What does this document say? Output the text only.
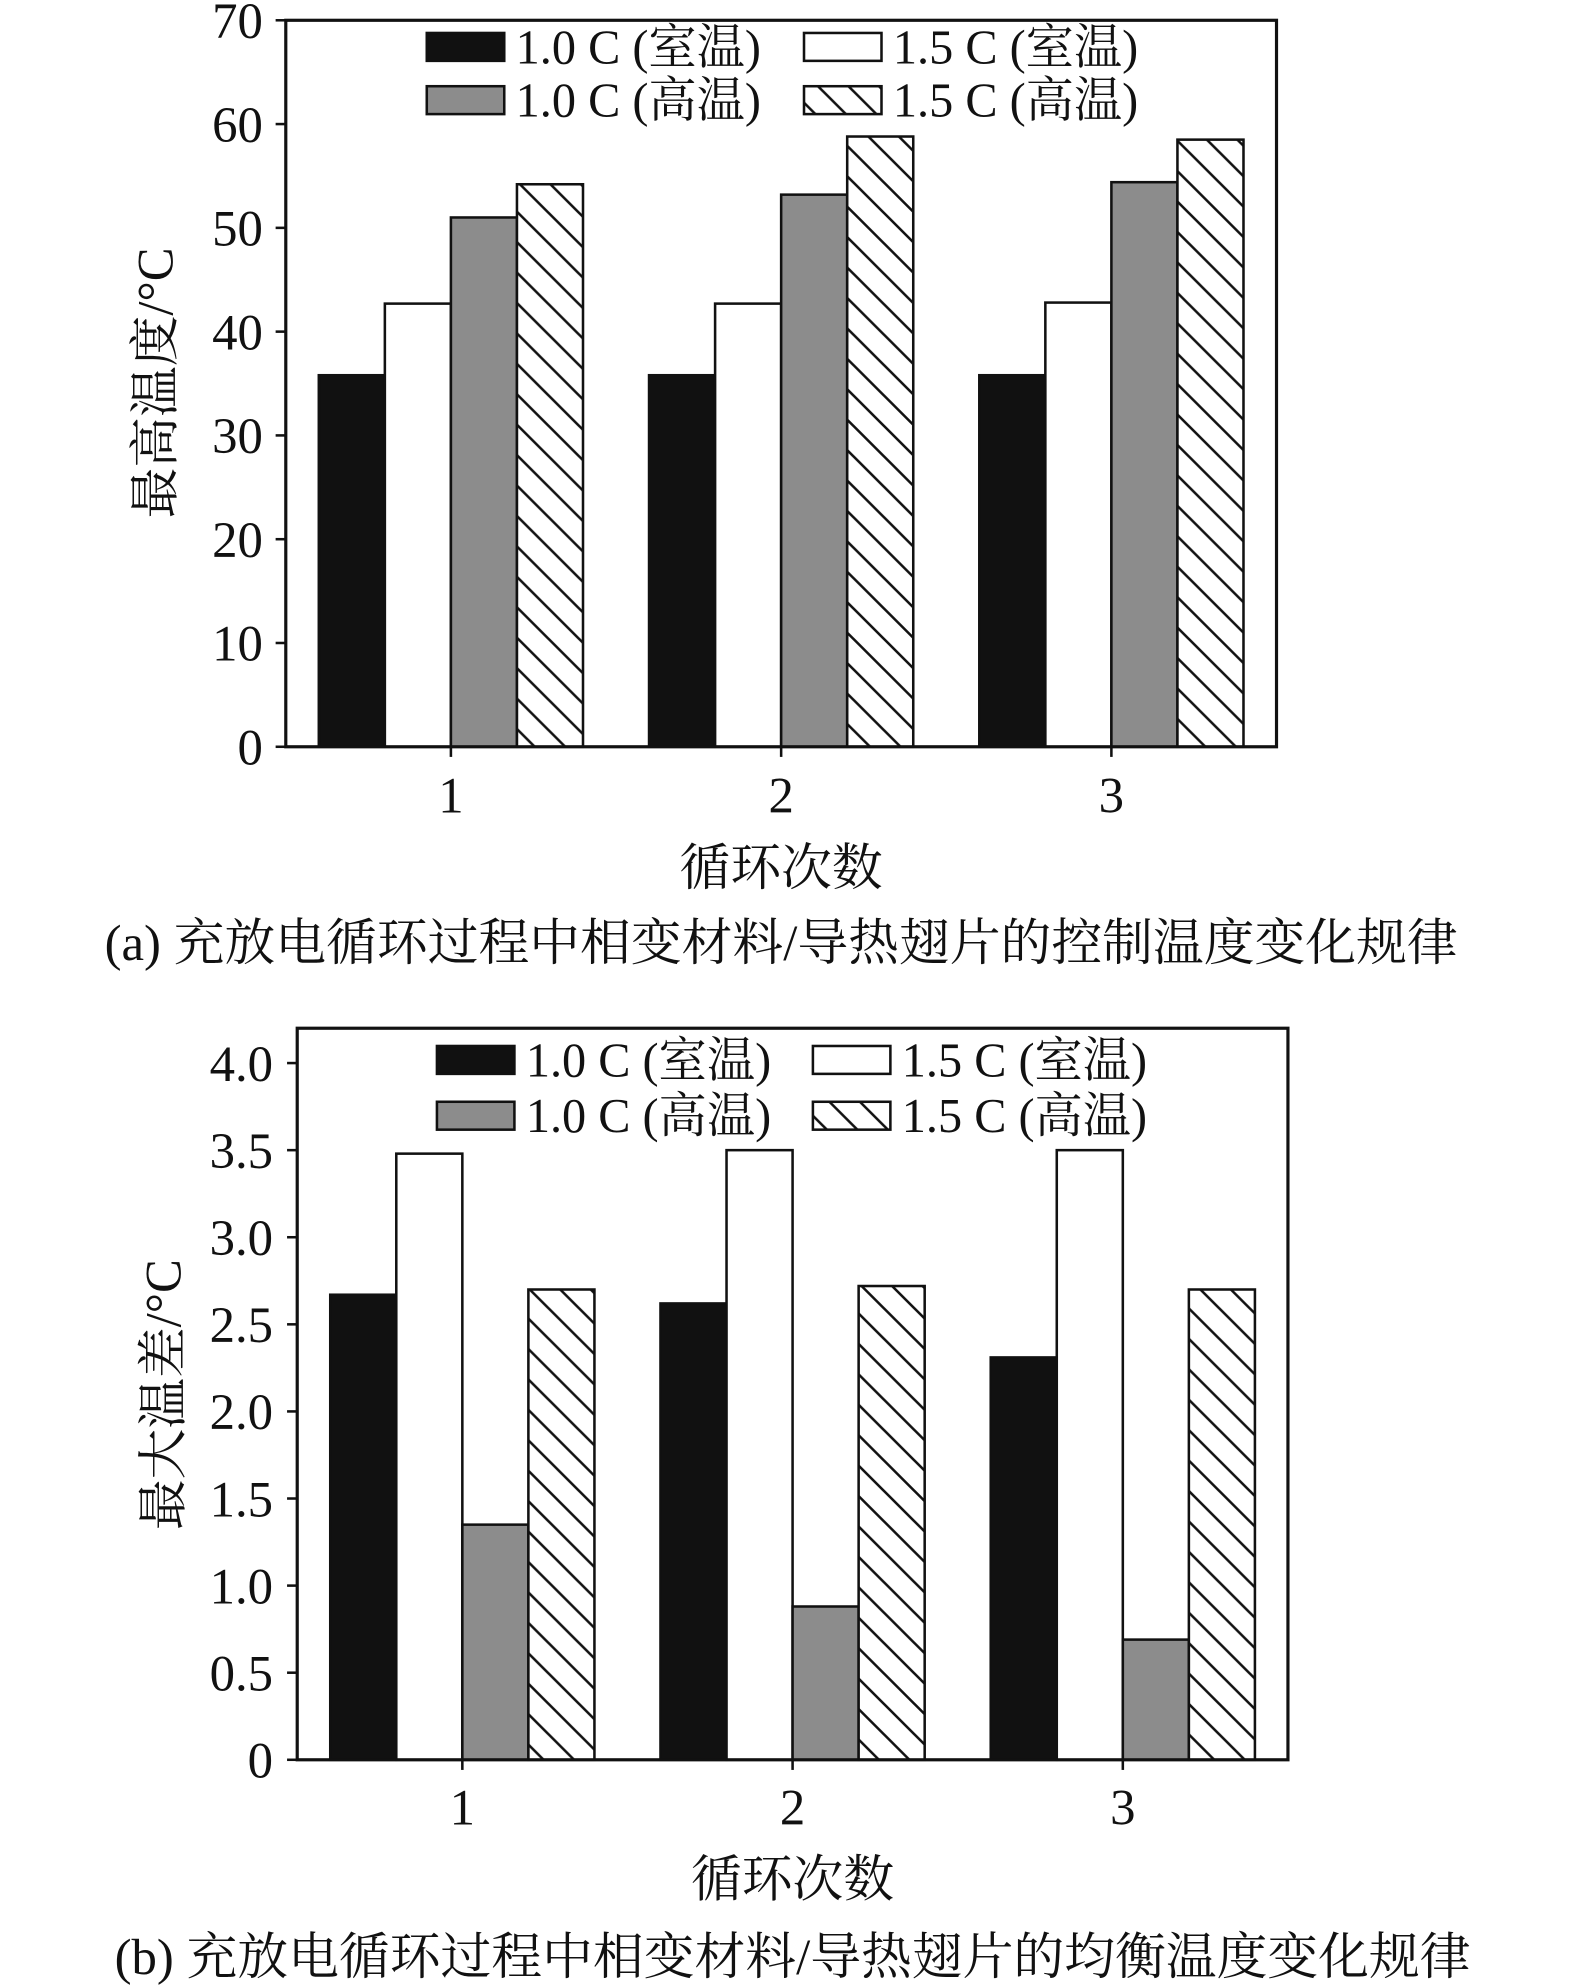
0
10
20
30
40
50
60
70
1	2	3
1.0 C (室温)	1.5 C (室温)
1.0 C (高温)	1.5 C (高温)
循环次数
最高温度/°C
(a) 充放电循环过程中相变材料/导热翅片的控制温度变化规律
0
0.5
1.0
1.5
2.0
2.5
3.0
3.5
4.0
1	2	3
1.0 C (室温)	1.5 C (室温)
1.0 C (高温)	1.5 C (高温)
循环次数
最大温差/°C
(b) 充放电循环过程中相变材料/导热翅片的均衡温度变化规律
